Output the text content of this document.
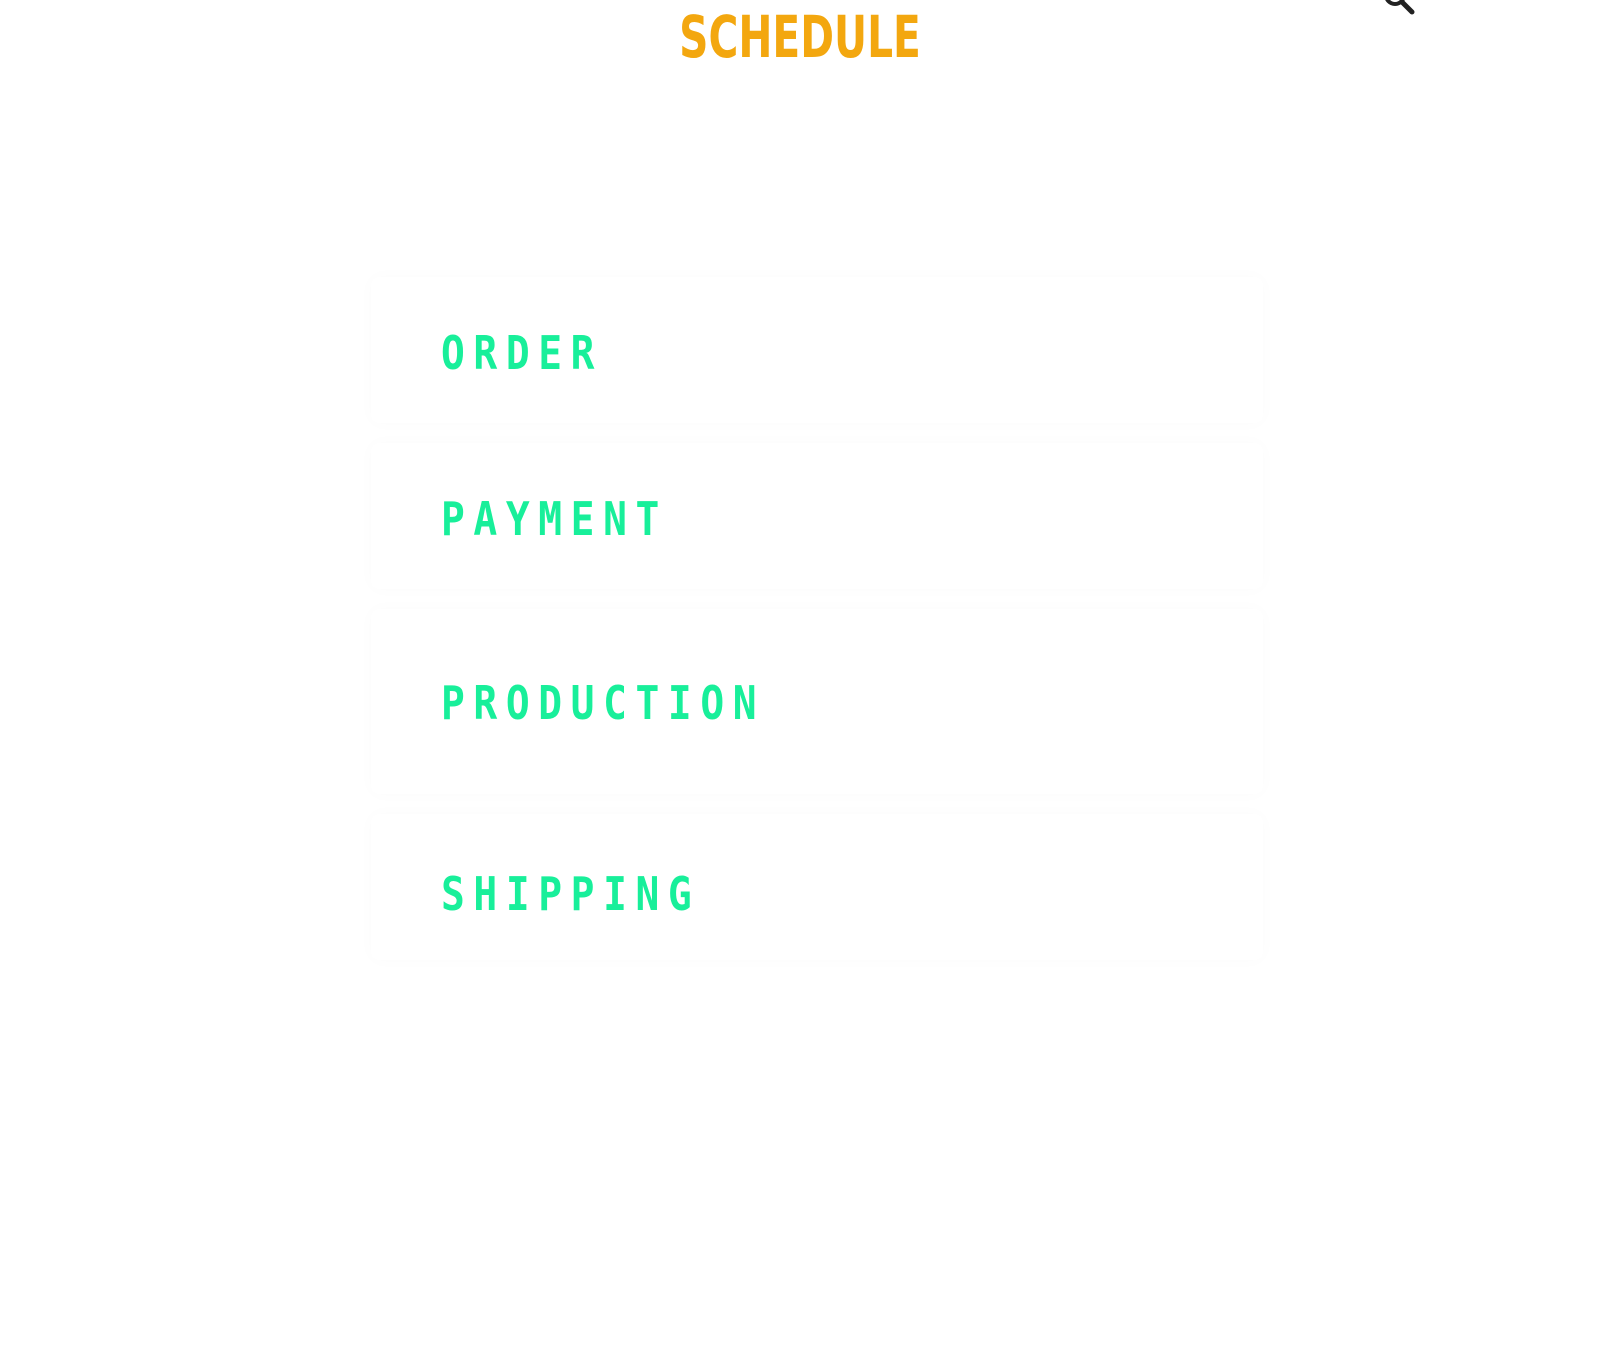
SCHEDULE
ORDER
PAYMENT
PRODUCTION
SHIPPING
